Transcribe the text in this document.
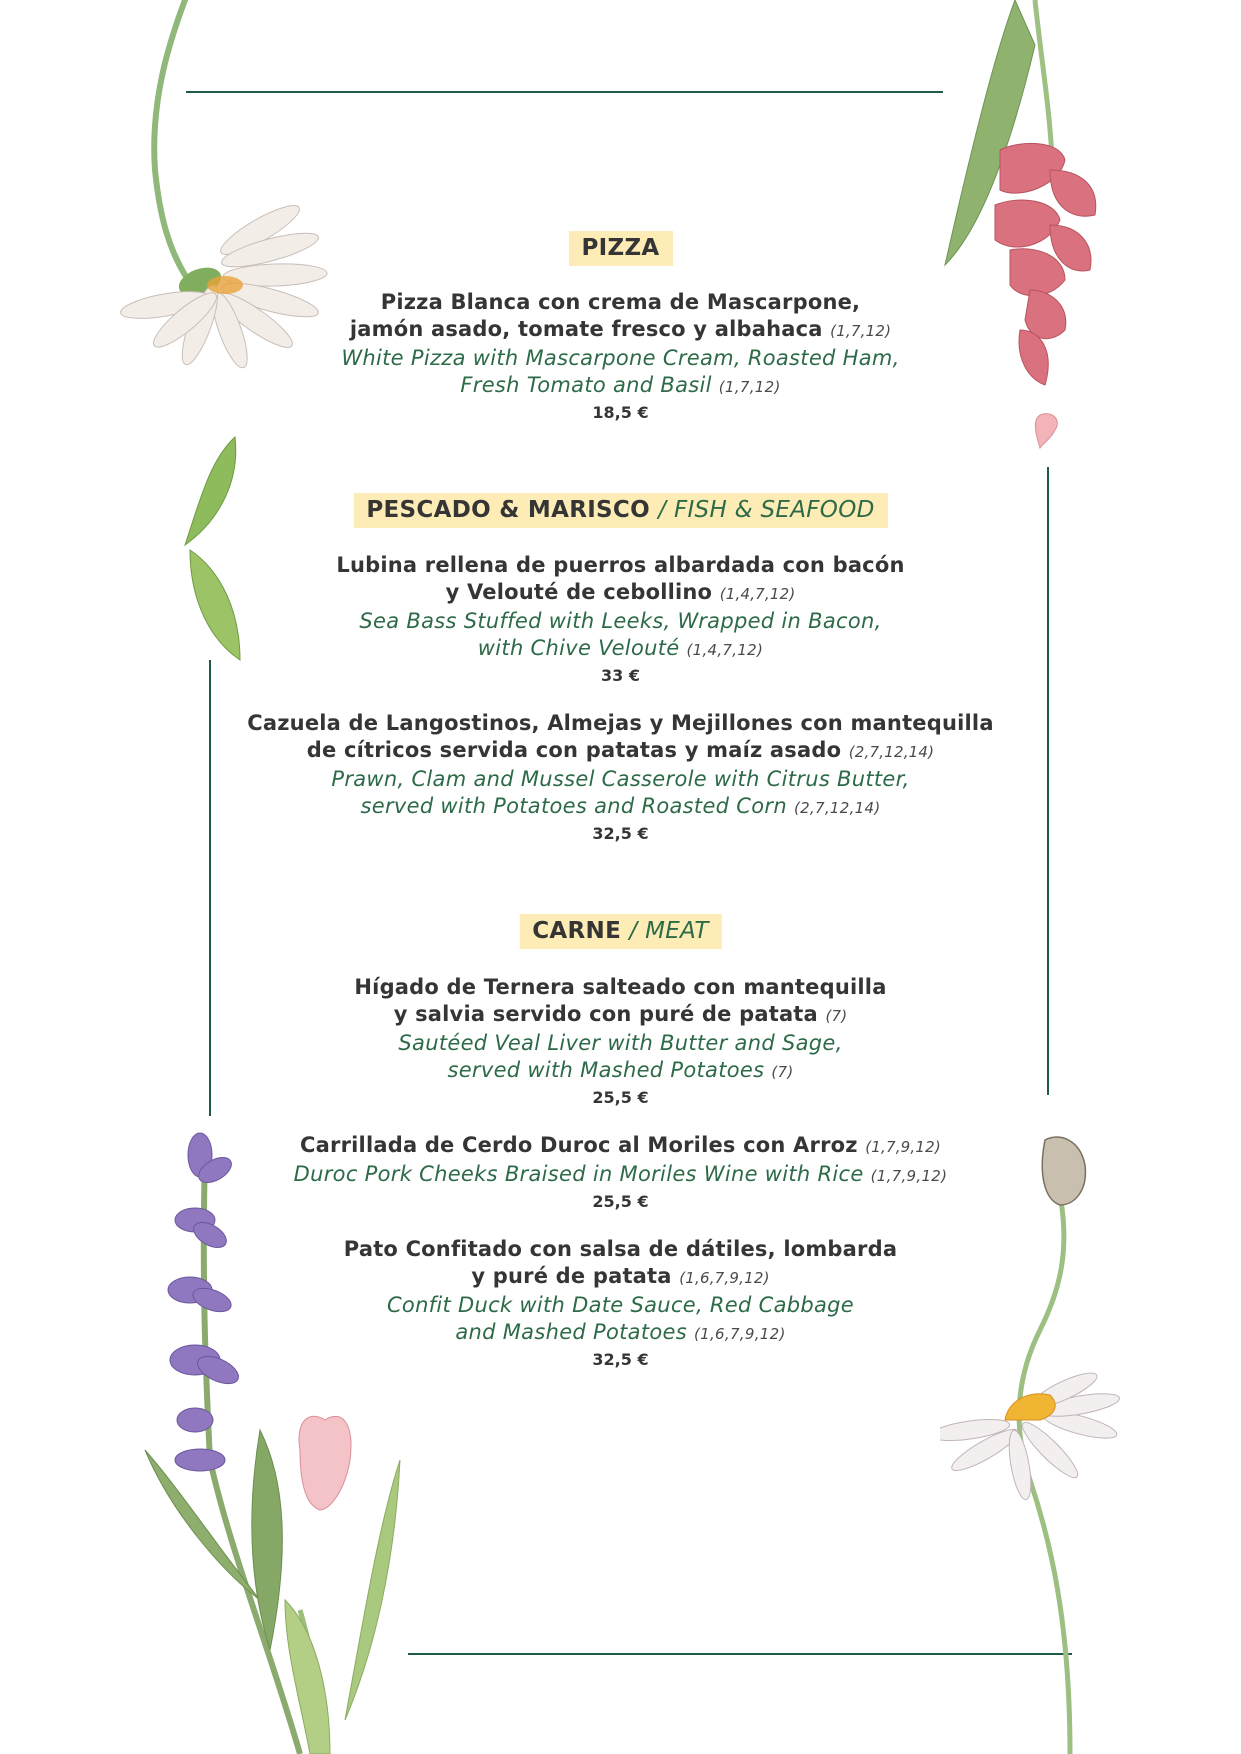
PIZZA
Pizza Blanca con crema de Mascarpone,
jamón asado, tomate fresco y albahaca (1,7,12)
White Pizza with Mascarpone Cream, Roasted Ham,
Fresh Tomato and Basil (1,7,12)
18,5 €
PESCADO & MARISCO / FISH & SEAFOOD
Lubina rellena de puerros albardada con bacón
y Velouté de cebollino (1,4,7,12)
Sea Bass Stuffed with Leeks, Wrapped in Bacon,
with Chive Velouté (1,4,7,12)
33 €
Cazuela de Langostinos, Almejas y Mejillones con mantequilla
de cítricos servida con patatas y maíz asado (2,7,12,14)
Prawn, Clam and Mussel Casserole with Citrus Butter,
served with Potatoes and Roasted Corn (2,7,12,14)
32,5 €
CARNE / MEAT
Hígado de Ternera salteado con mantequilla
y salvia servido con puré de patata (7)
Sautéed Veal Liver with Butter and Sage,
served with Mashed Potatoes (7)
25,5 €
Carrillada de Cerdo Duroc al Moriles con Arroz (1,7,9,12)
Duroc Pork Cheeks Braised in Moriles Wine with Rice (1,7,9,12)
25,5 €
Pato Confitado con salsa de dátiles, lombarda
y puré de patata (1,6,7,9,12)
Confit Duck with Date Sauce, Red Cabbage
and Mashed Potatoes (1,6,7,9,12)
32,5 €
